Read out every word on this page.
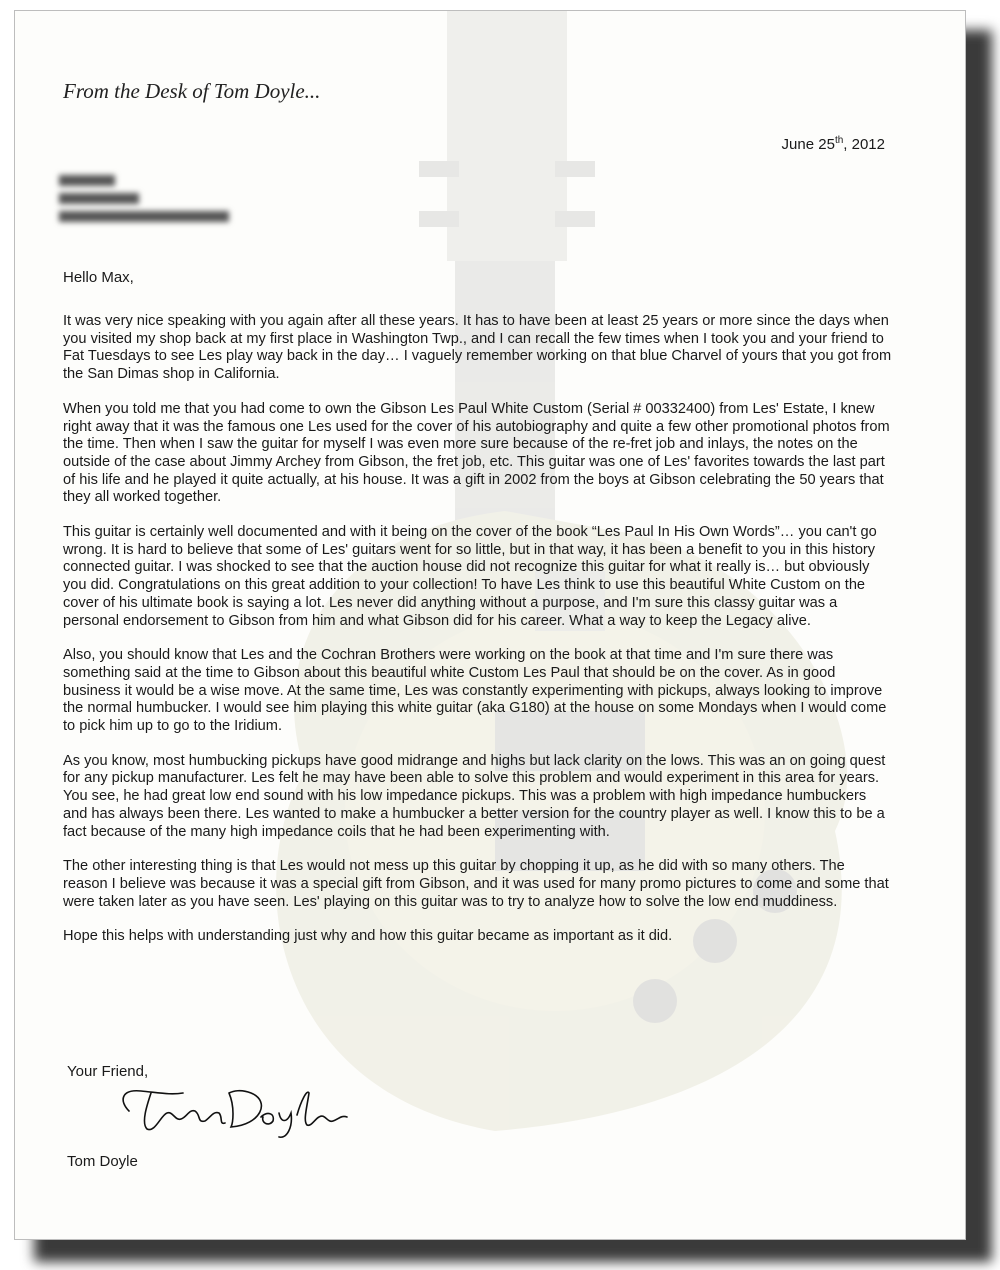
From the Desk of Tom Doyle...
June 25th, 2012
Hello Max,

It was very nice speaking with you again after all these years. It has to have been at least 25 years or more since the days when you visited my shop back at my first place in Washington Twp., and I can recall the few times when I took you and your friend to Fat Tuesdays to see Les play way back in the day… I vaguely remember working on that blue Charvel of yours that you got from the San Dimas shop in California.

When you told me that you had come to own the Gibson Les Paul White Custom (Serial # 00332400) from Les' Estate, I knew right away that it was the famous one Les used for the cover of his autobiography and quite a few other promotional photos from the time. Then when I saw the guitar for myself I was even more sure because of the re-fret job and inlays, the notes on the outside of the case about Jimmy Archey from Gibson, the fret job, etc. This guitar was one of Les' favorites towards the last part of his life and he played it quite actually, at his house. It was a gift in 2002 from the boys at Gibson celebrating the 50 years that they all worked together.

This guitar is certainly well documented and with it being on the cover of the book “Les Paul In His Own Words”… you can't go wrong. It is hard to believe that some of Les' guitars went for so little, but in that way, it has been a benefit to you in this history connected guitar. I was shocked to see that the auction house did not recognize this guitar for what it really is… but obviously you did. Congratulations on this great addition to your collection! To have Les think to use this beautiful White Custom on the cover of his ultimate book is saying a lot. Les never did anything without a purpose, and I'm sure this classy guitar was a personal endorsement to Gibson from him and what Gibson did for his career. What a way to keep the Legacy alive.

Also, you should know that Les and the Cochran Brothers were working on the book at that time and I'm sure there was something said at the time to Gibson about this beautiful white Custom Les Paul that should be on the cover. As in good business it would be a wise move. At the same time, Les was constantly experimenting with pickups, always looking to improve the normal humbucker. I would see him playing this white guitar (aka G180) at the house on some Mondays when I would come to pick him up to go to the Iridium.

As you know, most humbucking pickups have good midrange and highs but lack clarity on the lows. This was an on going quest for any pickup manufacturer. Les felt he may have been able to solve this problem and would experiment in this area for years. You see, he had great low end sound with his low impedance pickups. This was a problem with high impedance humbuckers and has always been there. Les wanted to make a humbucker a better version for the country player as well. I know this to be a fact because of the many high impedance coils that he had been experimenting with.

The other interesting thing is that Les would not mess up this guitar by chopping it up, as he did with so many others. The reason I believe was because it was a special gift from Gibson, and it was used for many promo pictures to come and some that were taken later as you have seen. Les' playing on this guitar was to try to analyze how to solve the low end muddiness.

Hope this helps with understanding just why and how this guitar became as important as it did.

Your Friend,
Tom Doyle
